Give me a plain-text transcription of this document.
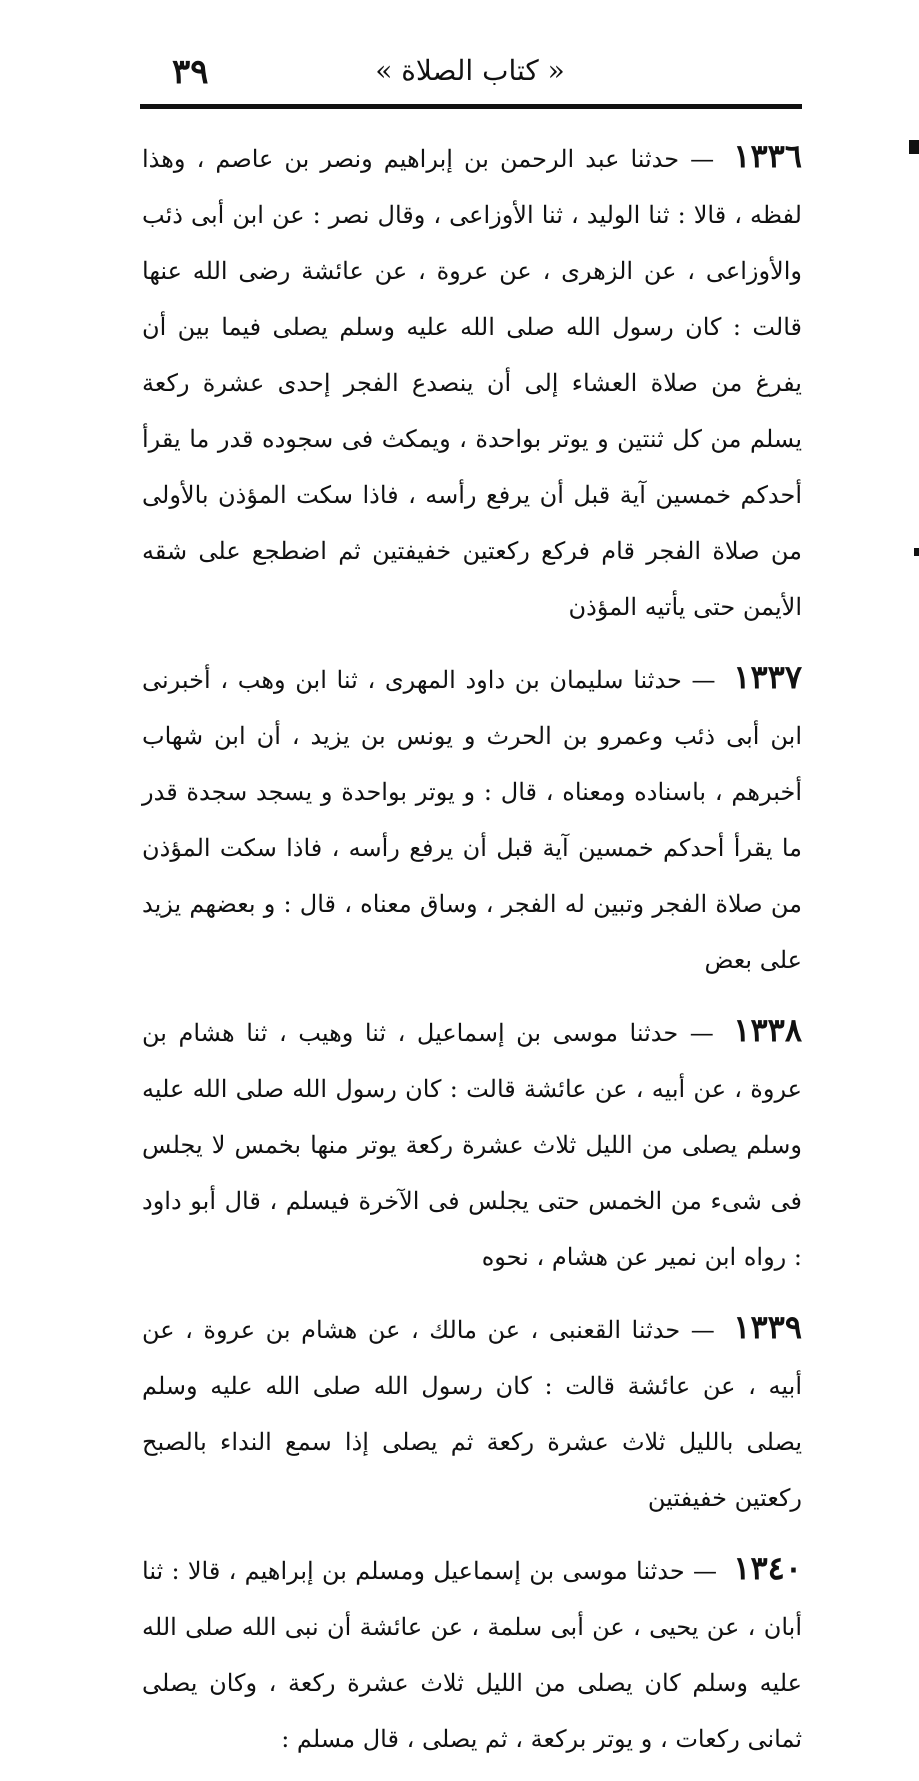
٣٩	« كتاب الصلاة »

١٣٣٦ — حدثنا عبد الرحمن بن إبراهيم ونصر بن عاصم ، وهذا لفظه ، قالا : ثنا الوليد ، ثنا الأوزاعى ، وقال نصر : عن ابن أبى ذئب والأوزاعى ، عن الزهرى ، عن عروة ، عن عائشة رضى الله عنها قالت : كان رسول الله صلى الله عليه وسلم يصلى فيما بين أن يفرغ من صلاة العشاء إلى أن ينصدع الفجر إحدى عشرة ركعة يسلم من كل ثنتين و يوتر بواحدة ، ويمكث فى سجوده قدر ما يقرأ أحدكم خمسين آية قبل أن يرفع رأسه ، فاذا سكت المؤذن بالأولى من صلاة الفجر قام فركع ركعتين خفيفتين ثم اضطجع على شقه الأيمن حتى يأتيه المؤذن

١٣٣٧ — حدثنا سليمان بن داود المهرى ، ثنا ابن وهب ، أخبرنى ابن أبى ذئب وعمرو بن الحرث و يونس بن يزيد ، أن ابن شهاب أخبرهم ، باسناده ومعناه ، قال : و يوتر بواحدة و يسجد سجدة قدر ما يقرأ أحدكم خمسين آية قبل أن يرفع رأسه ، فاذا سكت المؤذن من صلاة الفجر وتبين له الفجر ، وساق معناه ، قال : و بعضهم يزيد على بعض

١٣٣٨ — حدثنا موسى بن إسماعيل ، ثنا وهيب ، ثنا هشام بن عروة ، عن أبيه ، عن عائشة قالت : كان رسول الله صلى الله عليه وسلم يصلى من الليل ثلاث عشرة ركعة يوتر منها بخمس لا يجلس فى شىء من الخمس حتى يجلس فى الآخرة فيسلم ، قال أبو داود : رواه ابن نمير عن هشام ، نحوه

١٣٣٩ — حدثنا القعنبى ، عن مالك ، عن هشام بن عروة ، عن أبيه ، عن عائشة قالت : كان رسول الله صلى الله عليه وسلم يصلى بالليل ثلاث عشرة ركعة ثم يصلى إذا سمع النداء بالصبح ركعتين خفيفتين

١٣٤٠ — حدثنا موسى بن إسماعيل ومسلم بن إبراهيم ، قالا : ثنا أبان ، عن يحيى ، عن أبى سلمة ، عن عائشة أن نبى الله صلى الله عليه وسلم كان يصلى من الليل ثلاث عشرة ركعة ، وكان يصلى ثمانى ركعات ، و يوتر بركعة ، ثم يصلى ، قال مسلم :
